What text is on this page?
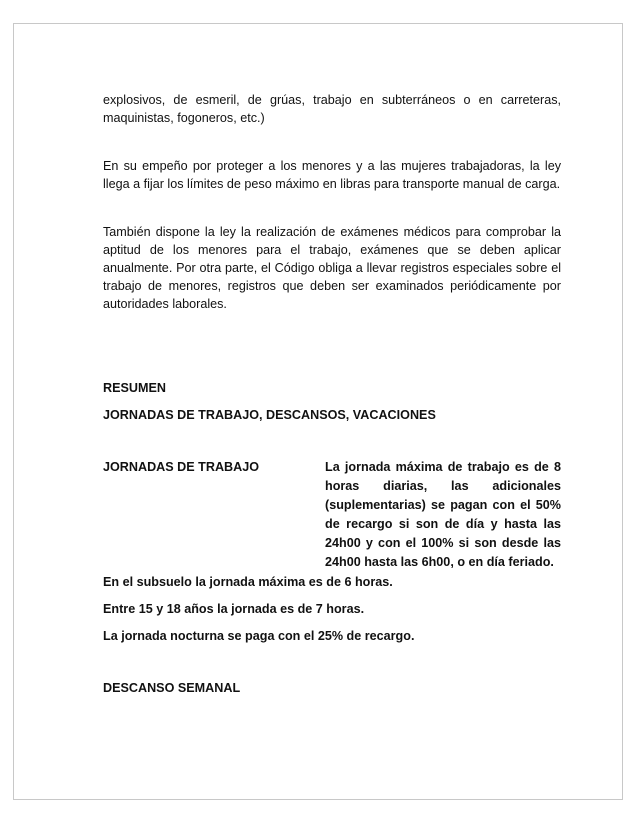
explosivos, de esmeril, de grúas, trabajo en subterráneos o en carreteras, maquinistas, fogoneros, etc.)

En su empeño por proteger a los menores y a las mujeres trabajadoras, la ley llega a fijar los límites de peso máximo en libras para transporte manual de carga.

También dispone la ley la realización de exámenes médicos para comprobar la aptitud de los menores para el trabajo, exámenes que se deben aplicar anualmente. Por otra parte, el Código obliga a llevar registros especiales sobre el trabajo de menores, registros que deben ser examinados periódicamente por autoridades laborales.

RESUMEN

JORNADAS DE TRABAJO, DESCANSOS, VACACIONES

JORNADAS DE TRABAJO	La jornada máxima de trabajo es de 8 horas diarias, las adicionales (suplementarias) se pagan con el 50% de recargo si son de día y hasta las 24h00 y con el 100% si son desde las 24h00 hasta las 6h00, o en día feriado.

En el subsuelo la jornada máxima es de 6 horas.

Entre 15 y 18 años la jornada es de 7 horas.

La jornada nocturna se paga con el 25% de recargo.

DESCANSO SEMANAL
